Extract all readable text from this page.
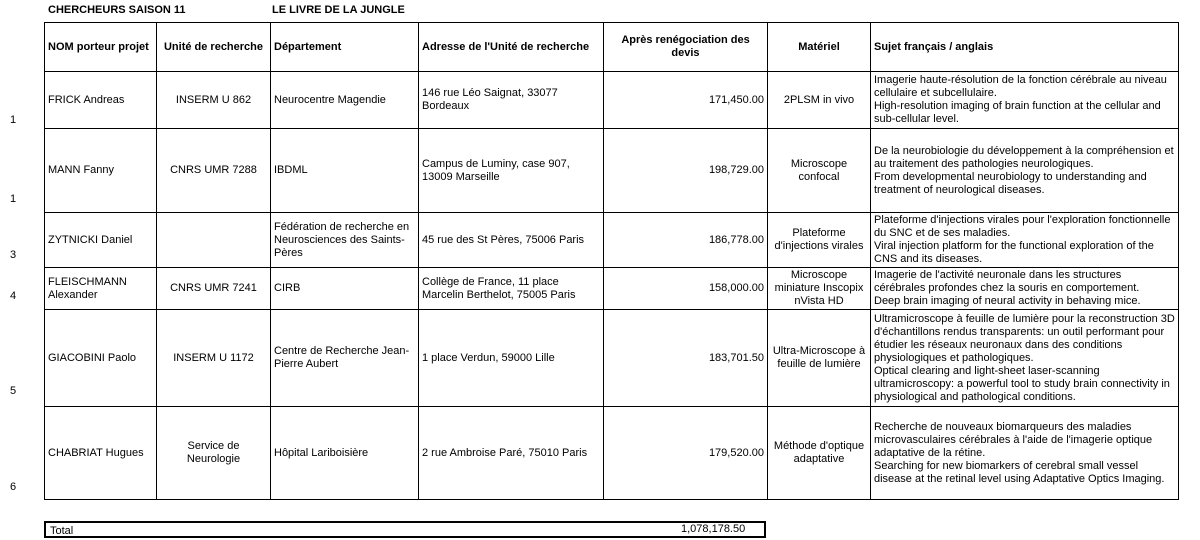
CHERCHEURS SAISON 11	LE LIVRE DE LA JUNGLE
1
1
3
4
5
6
NOM porteur projet	Unité de recherche	Département	Adresse de l'Unité de recherche	Après renégociation des devis	Matériel	Sujet français / anglais
FRICK Andreas	INSERM U 862	Neurocentre Magendie	146 rue Léo Saignat, 33077 Bordeaux	171,450.00	2PLSM in vivo	Imagerie haute-résolution de la fonction cérébrale au niveau cellulaire et subcellulaire.
High-resolution imaging of brain function at the cellular and sub-cellular level.

MANN Fanny	CNRS UMR 7288	IBDML	Campus de Luminy, case 907, 13009 Marseille	198,729.00	Microscope confocal	De la neurobiologie du développement à la compréhension et au traitement des pathologies neurologiques.
From developmental neurobiology to understanding and treatment of neurological diseases.

ZYTNICKI Daniel		Fédération de recherche en Neurosciences des Saints-Pères	45 rue des St Pères, 75006 Paris	186,778.00	Plateforme d'injections virales	Plateforme d'injections virales pour l'exploration fonctionnelle du SNC et de ses maladies.
Viral injection platform for the functional exploration of the CNS and its diseases.

FLEISCHMANN Alexander	CNRS UMR 7241	CIRB	Collège de France, 11 place Marcelin Berthelot, 75005 Paris	158,000.00	Microscope miniature Inscopix nVista HD	Imagerie de l'activité neuronale dans les structures cérébrales profondes chez la souris en comportement.
Deep brain imaging of neural activity in behaving mice.

GIACOBINI Paolo	INSERM U 1172	Centre de Recherche Jean-Pierre Aubert	1 place Verdun, 59000 Lille	183,701.50	Ultra-Microscope à feuille de lumière	Ultramicroscope à feuille de lumière pour la reconstruction 3D d'échantillons rendus transparents: un outil performant pour étudier les réseaux neuronaux dans des conditions physiologiques et pathologiques.
Optical clearing and light-sheet laser-scanning ultramicroscopy: a powerful tool to study brain connectivity in physiological and pathological conditions.

CHABRIAT Hugues	Service de Neurologie	Hôpital Lariboisière	2 rue Ambroise Paré, 75010 Paris	179,520.00	Méthode d'optique adaptative	Recherche de nouveaux biomarqueurs des maladies microvasculaires cérébrales à l'aide de l'imagerie optique adaptative de la rétine.
Searching for new biomarkers of cerebral small vessel disease at the retinal level using Adaptative Optics Imaging.
Total	1,078,178.50
